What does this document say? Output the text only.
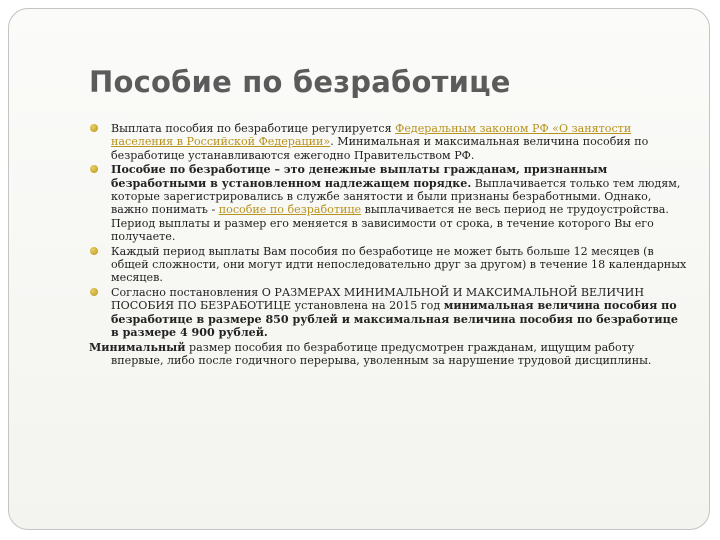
Пособие по безработице
Выплата пособия по безработице регулируется Федеральным законом РФ «О занятости населения в Российской Федерации». Минимальная и максимальная величина пособия по безработице устанавливаются ежегодно Правительством РФ.
Пособие по безработице – это денежные выплаты гражданам, признанным безработными в установленном надлежащем порядке. Выплачивается только тем людям, которые зарегистрировались в службе занятости и были признаны безработными. Однако, важно понимать - пособие по безработице выплачивается не весь период не трудоустройства. Период выплаты и размер его меняется в зависимости от срока, в течение которого Вы его получаете.
Каждый период выплаты Вам пособия по безработице не может быть больше 12 месяцев (в общей сложности, они могут идти непоследовательно друг за другом) в течение 18 календарных месяцев.
Согласно постановления О РАЗМЕРАХ МИНИМАЛЬНОЙ И МАКСИМАЛЬНОЙ ВЕЛИЧИН ПОСОБИЯ ПО БЕЗРАБОТИЦЕ установлена на 2015 год минимальная величина пособия по безработице в размере 850 рублей и максимальная величина пособия по безработице в размере 4 900 рублей.
Минимальный размер пособия по безработице предусмотрен гражданам, ищущим работу
впервые, либо после годичного перерыва, уволенным за нарушение трудовой дисциплины.
